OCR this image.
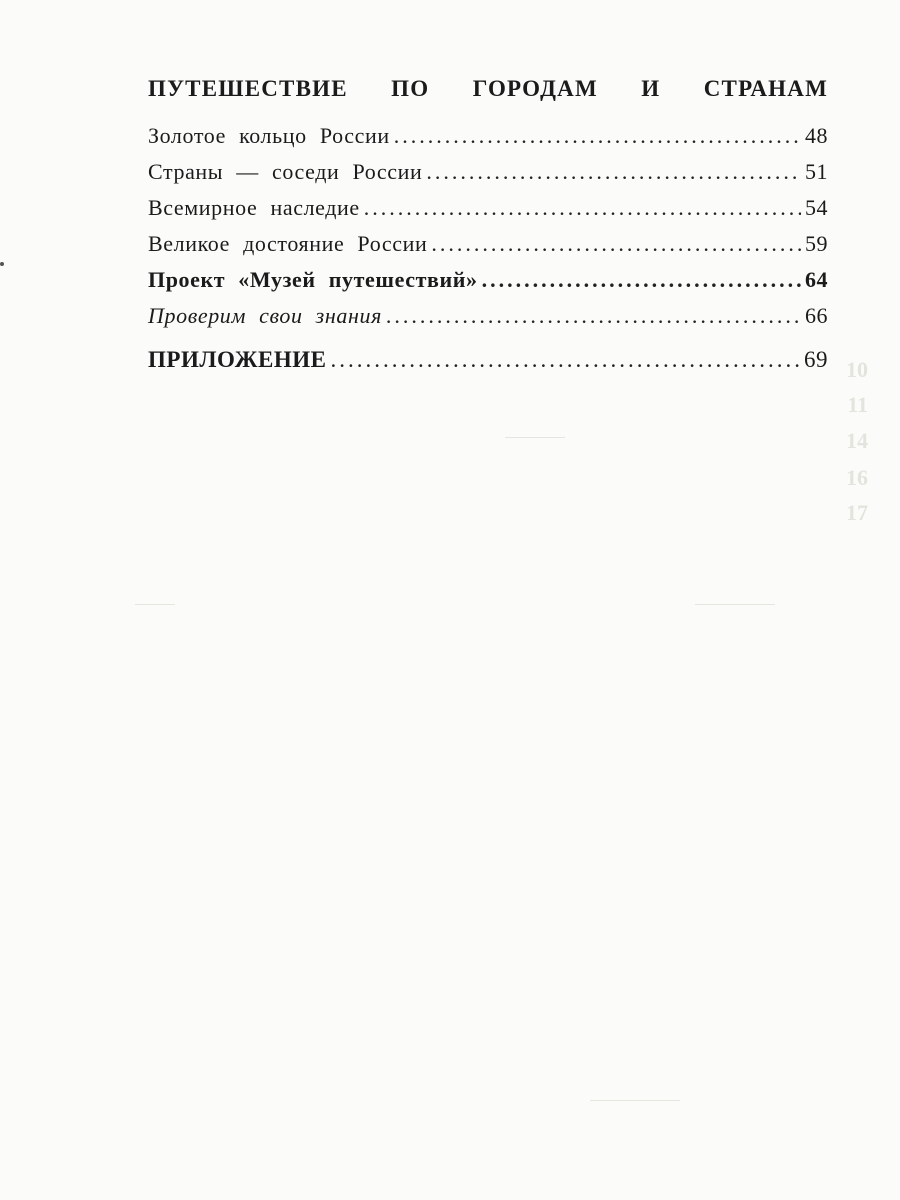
10
11
14
16
17
ПУТЕШЕСТВИЕ ПО ГОРОДАМ И СТРАНАМ
Золотое кольцо России .....	48
Страны — соседи России .....	51
Всемирное наследие .....	54
Великое достояние России .....	59
Проект «Музей путешествий» .....	64
Проверим свои знания .....	66
ПРИЛОЖЕНИЕ .....	69
